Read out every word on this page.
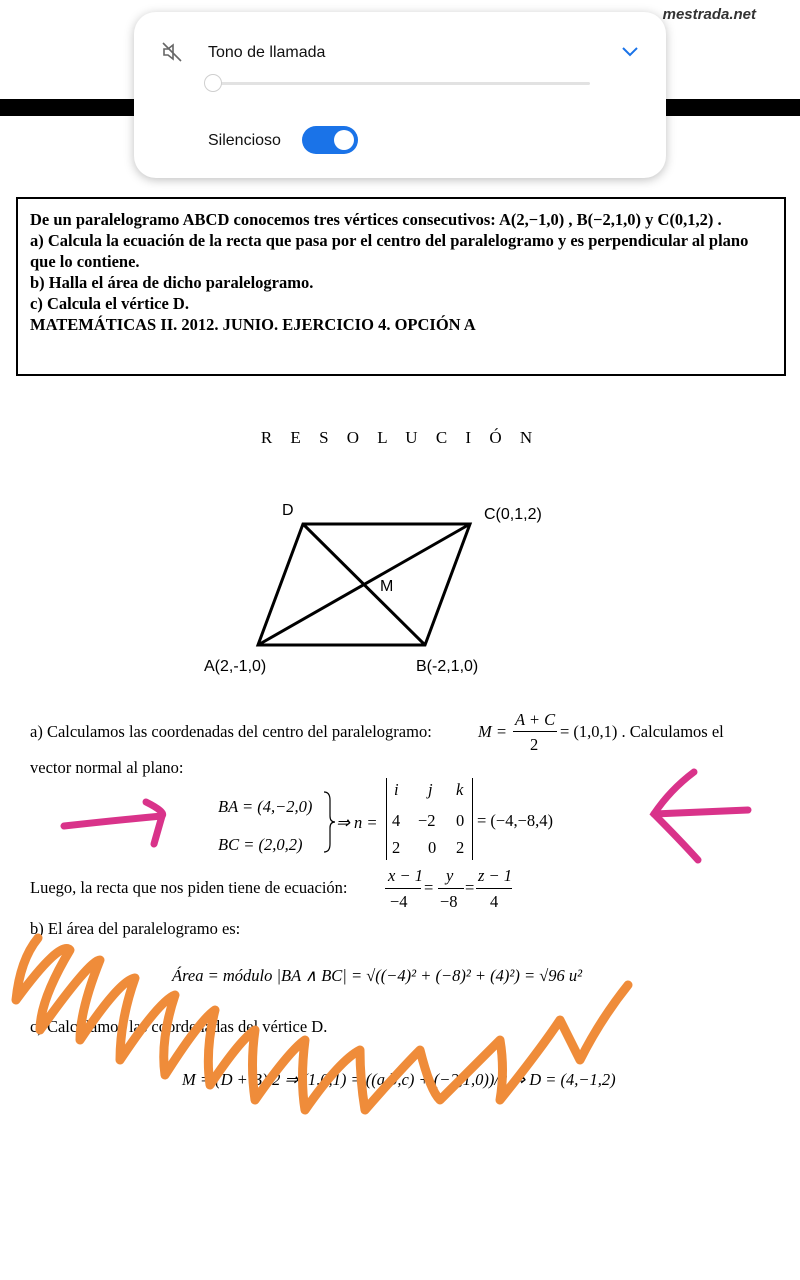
mestrada.net
Tono de llamada
Silencioso

De un paralelogramo ABCD conocemos tres vértices consecutivos: A(2,−1,0) , B(−2,1,0) y C(0,1,2) .

a) Calcula la ecuación de la recta que pasa por el centro del paralelogramo y es perpendicular al plano que lo contiene.

b) Halla el área de dicho paralelogramo.

c) Calcula el vértice D.

MATEMÁTICAS II. 2012. JUNIO. EJERCICIO 4. OPCIÓN A

R E S O L U C I Ó N
D	C(0,1,2)
M
A(2,-1,0)	B(-2,1,0)
a) Calculamos las coordenadas del centro del paralelogramo:	M =
A + C
2
= (1,0,1) . Calculamos el
vector normal al plano:
BA = (4,−2,0)
BC = (2,0,2)
⇒ n =
i j k
4 −2 0
2 0 2
= (−4,−8,4)
Luego, la recta que nos piden tiene de ecuación:
x − 1 y z − 1
= =
−4 −8 4
b) El área del paralelogramo es:
Área = módulo |BA ∧ BC| = √((−4)² + (−8)² + (4)²) = √96 u²
c) Calculamos las coordenadas del vértice D.
M = (D + B)/2 ⇒ (1,0,1) = ((a,b,c) + (−2,1,0))/2 ⇒ D = (4,−1,2)
